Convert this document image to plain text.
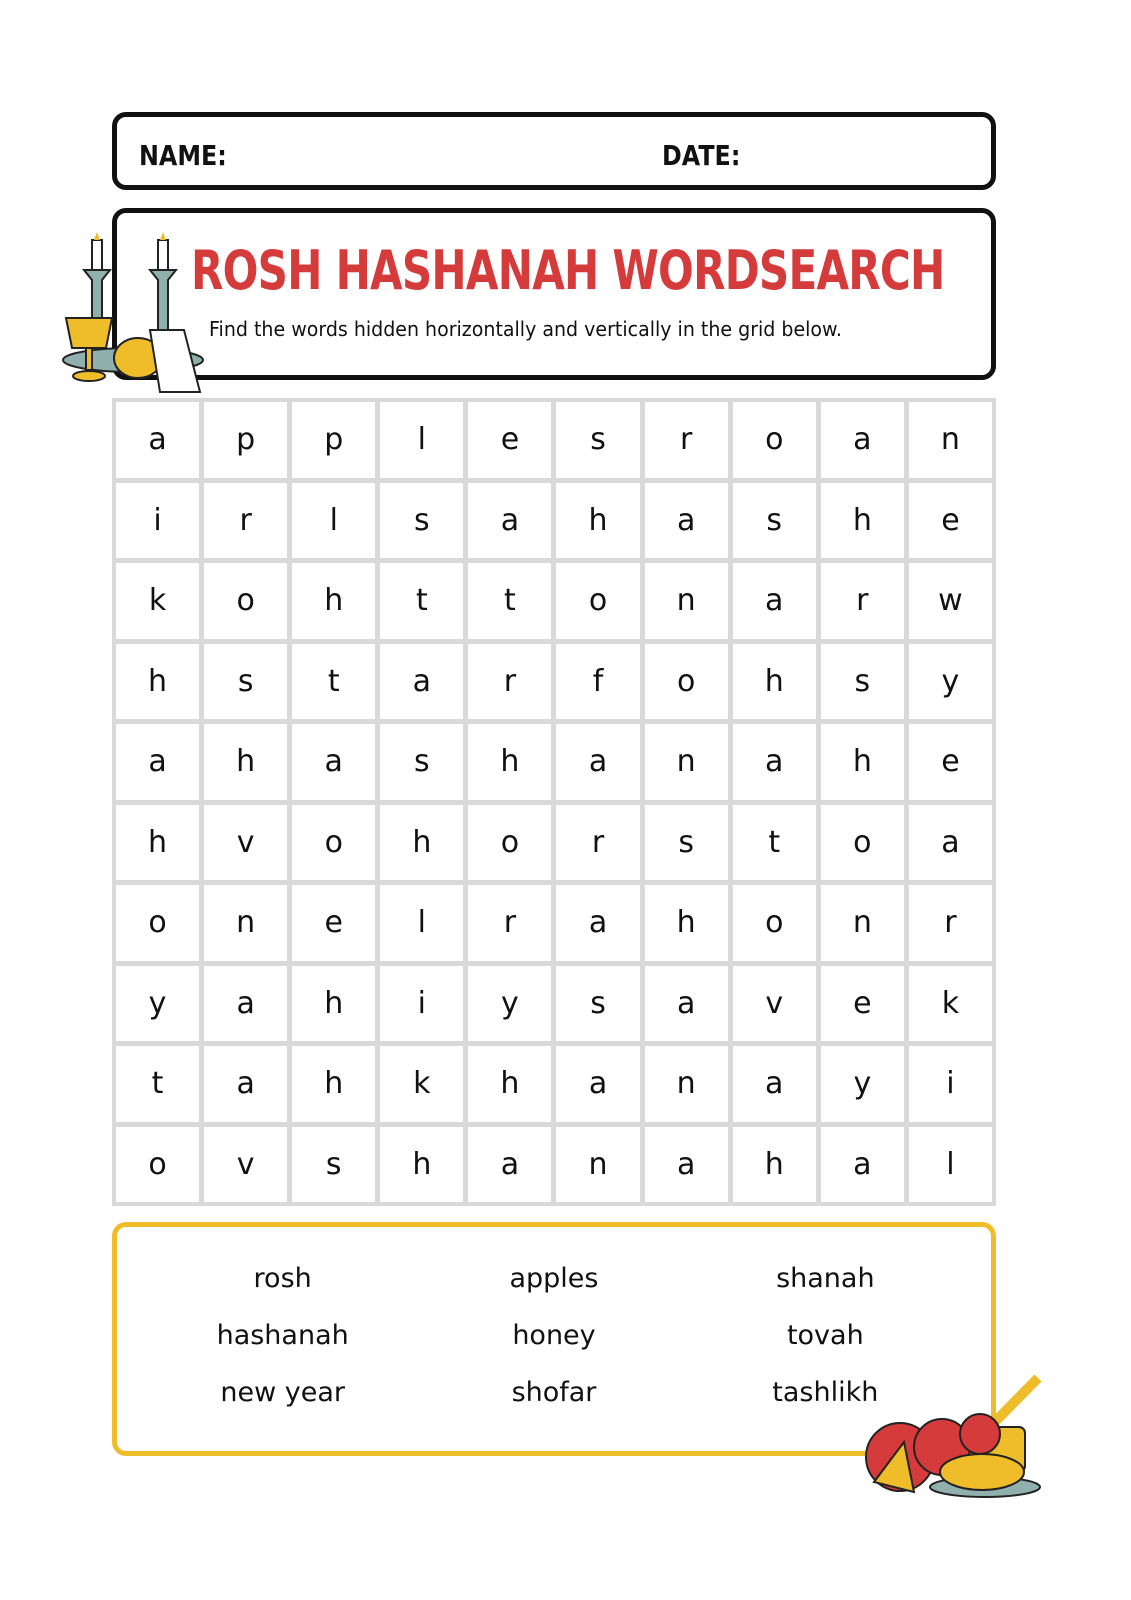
NAME:	DATE:
ROSH HASHANAH WORDSEARCH
Find the words hidden horizontally and vertically in the grid below.
a	p	p	l	e	s	r	o	a	n
i	r	l	s	a	h	a	s	h	e
k	o	h	t	t	o	n	a	r	w
h	s	t	a	r	f	o	h	s	y
a	h	a	s	h	a	n	a	h	e
h	v	o	h	o	r	s	t	o	a
o	n	e	l	r	a	h	o	n	r
y	a	h	i	y	s	a	v	e	k
t	a	h	k	h	a	n	a	y	i
o	v	s	h	a	n	a	h	a	l
rosh	apples	shanah
hashanah	honey	tovah
new year	shofar	tashlikh
